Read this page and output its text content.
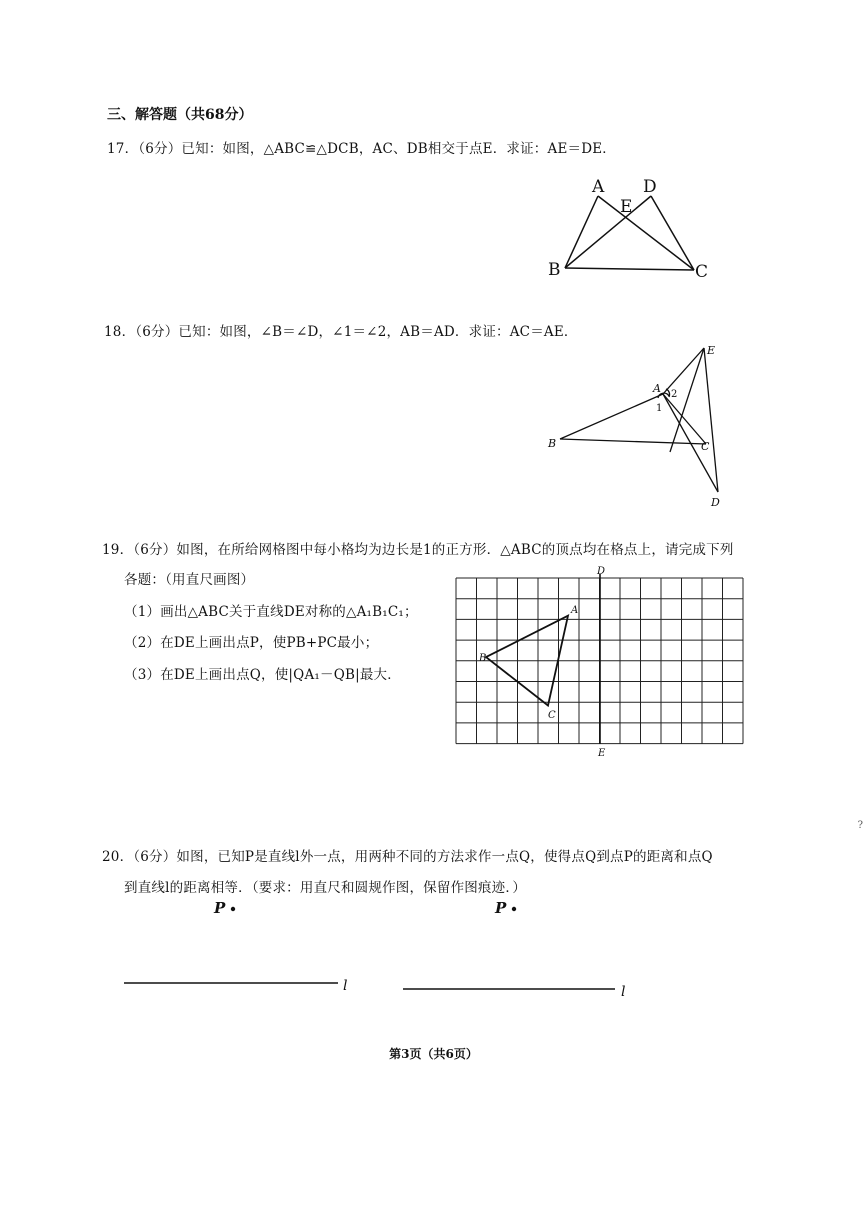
三、解答题（共68分）
17．（6分）已知：如图，△ABC≌△DCB，AC、DB相交于点E．求证：AE＝DE．
A D
E
B	C
18．（6分）已知：如图，∠B＝∠D，∠1＝∠2，AB＝AD．求证：AC＝AE．
E
A 2
1
B	C
D
19．（6分）如图，在所给网格图中每小格均为边长是1的正方形．△ABC的顶点均在格点上，请完成下列
各题：（用直尺画图）
（1）画出△ABC关于直线DE对称的△A₁B₁C₁；
（2）在DE上画出点P，使PB+PC最小；
（3）在DE上画出点Q，使|QA₁－QB|最大．
D
E
A
B
C
20．（6分）如图，已知P是直线l外一点，用两种不同的方法求作一点Q，使得点Q到点P的距离和点Q
到直线l的距离相等．（要求：用直尺和圆规作图，保留作图痕迹．）
P
l
P
l
第3页（共6页）
?
